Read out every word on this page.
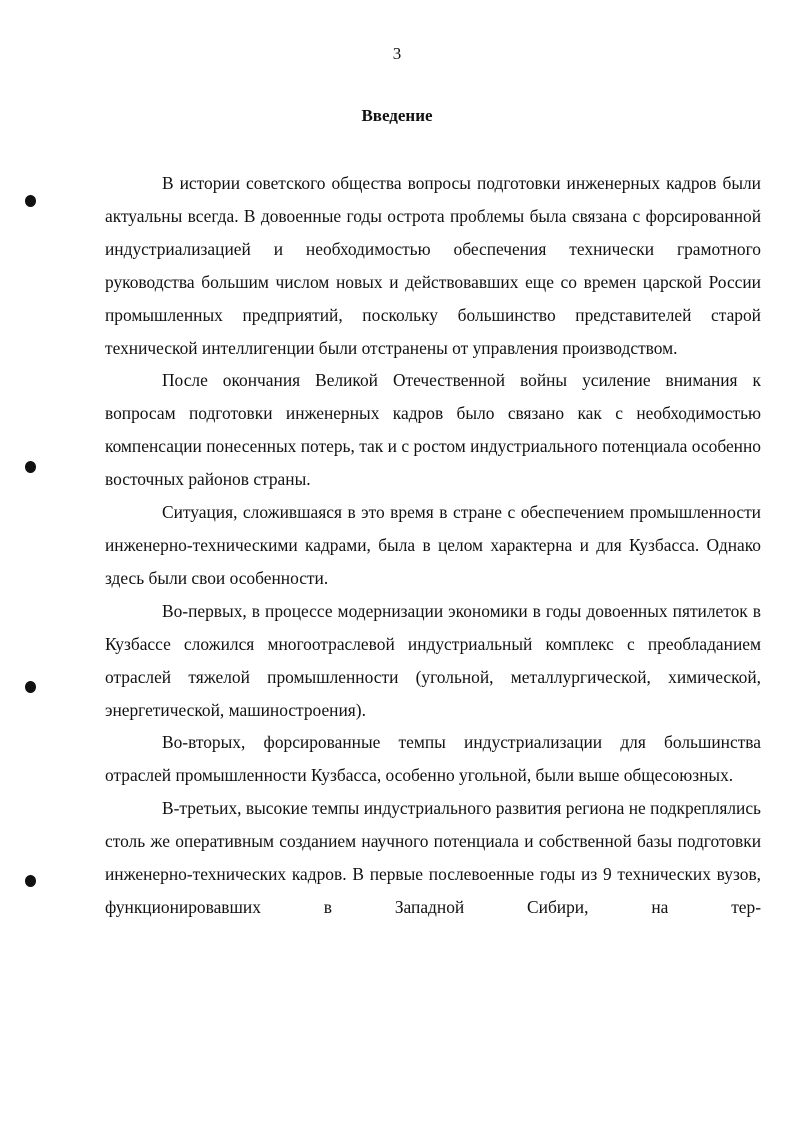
3
Введение

В истории советского общества вопросы подготовки инженерных кадров были актуальны всегда. В довоенные годы острота проблемы была связана с форсированной индустриализацией и необходимостью обеспечения технически грамотного руководства большим числом новых и действовавших еще со времен царской России промышленных предприятий, поскольку большинство представителей старой технической интеллигенции были отстранены от управления производством.

После окончания Великой Отечественной войны усиление внимания к вопросам подготовки инженерных кадров было связано как с необходимостью компенсации понесенных потерь, так и с ростом индустриального потенциала особенно восточных районов страны.

Ситуация, сложившаяся в это время в стране с обеспечением промышленности инженерно-техническими кадрами, была в целом характерна и для Кузбасса. Однако здесь были свои особенности.

Во-первых, в процессе модернизации экономики в годы довоенных пятилеток в Кузбассе сложился многоотраслевой индустриальный комплекс с преобладанием отраслей тяжелой промышленности (угольной, металлургической, химической, энергетической, машиностроения).

Во-вторых, форсированные темпы индустриализации для большинства отраслей промышленности Кузбасса, особенно угольной, были выше общесоюзных.

В-третьих, высокие темпы индустриального развития региона не подкреплялись столь же оперативным созданием научного потенциала и собственной базы подготовки инженерно-технических кадров. В первые послевоенные годы из 9 технических вузов, функционировавших в Западной Сибири, на тер-
